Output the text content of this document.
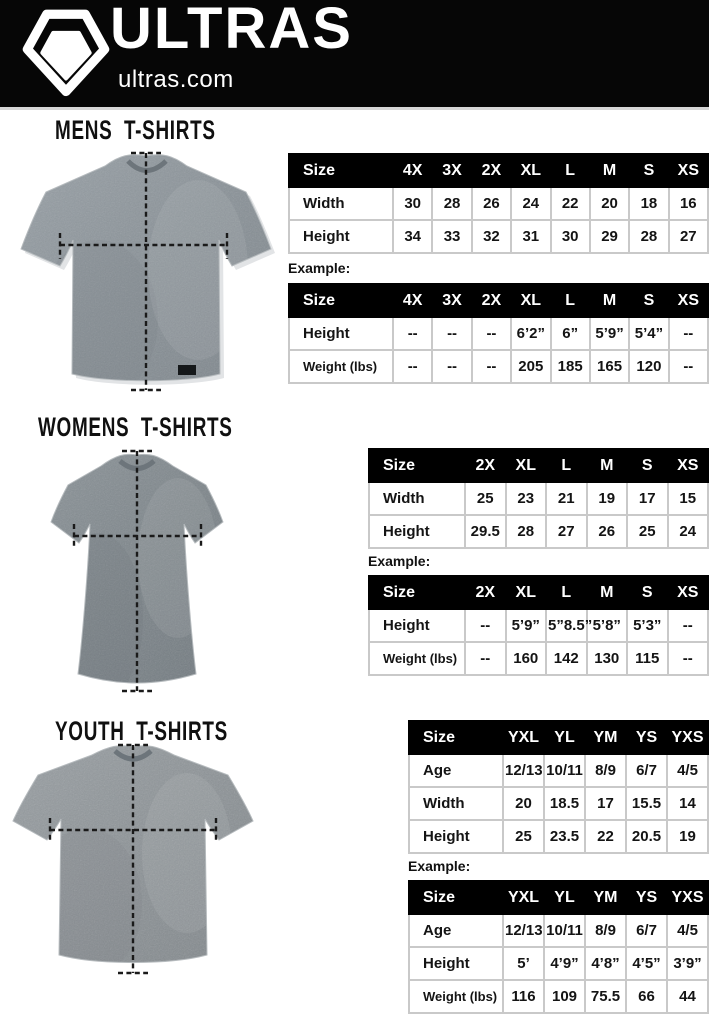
ULTRAS
ultras.com
MENS T-SHIRTS
Size	4X	3X	2X	XL	L	M	S	XS
Width	30	28	26	24	22	20	18	16
Height	34	33	32	31	30	29	28	27
Example:
Size	4X	3X	2X	XL	L	M	S	XS
Height	--	--	--	6’2”	6”	5’9”	5’4”	--
Weight (lbs)	--	--	--	205	185	165	120	--
WOMENS T-SHIRTS
Size	2X	XL	L	M	S	XS
Width	25	23	21	19	17	15
Height	29.5	28	27	26	25	24
Example:
Size	2X	XL	L	M	S	XS
Height	--	5’9”	5”8.5”	5’8”	5’3”	--
Weight (lbs)	--	160	142	130	115	--
YOUTH T-SHIRTS	Size	YXL	YL	YM	YS	YXS
Age	12/13	10/11	8/9	6/7	4/5
Width	20	18.5	17	15.5	14
Height	25	23.5	22	20.5	19
Example:
Size	YXL	YL	YM	YS	YXS
Age	12/13	10/11	8/9	6/7	4/5
Height	5’	4’9”	4’8”	4’5”	3’9”
Weight (lbs)	116	109	75.5	66	44
